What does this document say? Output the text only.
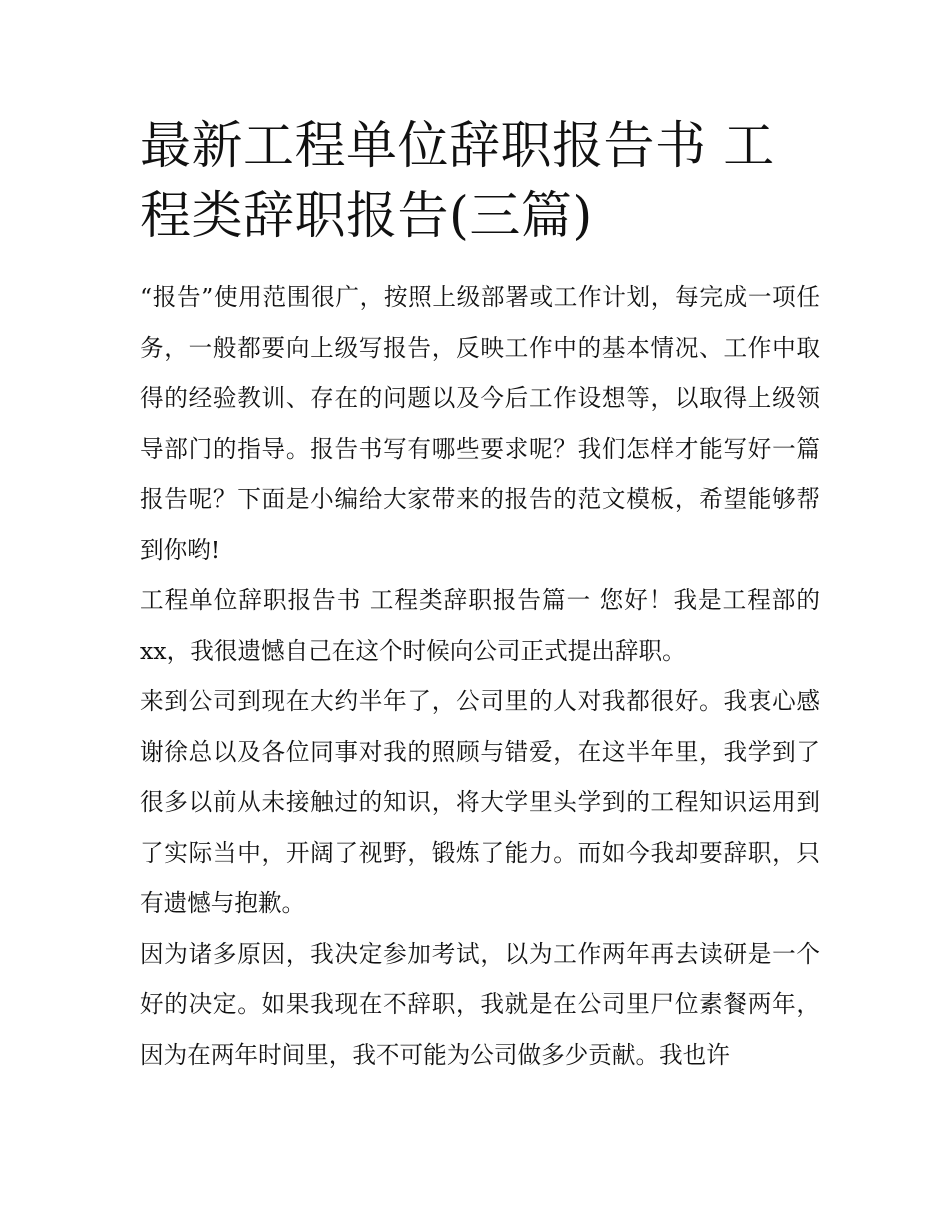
最新工程单位辞职报告书 工程类辞职报告(三篇)

“报告”使用范围很广，按照上级部署或工作计划，每完成一项任务，一般都要向上级写报告，反映工作中的基本情况、工作中取得的经验教训、存在的问题以及今后工作设想等，以取得上级领导部门的指导。报告书写有哪些要求呢？我们怎样才能写好一篇报告呢？下面是小编给大家带来的报告的范文模板，希望能够帮到你哟!

工程单位辞职报告书 工程类辞职报告篇一 您好！我是工程部的xx，我很遗憾自己在这个时候向公司正式提出辞职。

来到公司到现在大约半年了，公司里的人对我都很好。我衷心感谢徐总以及各位同事对我的照顾与错爱，在这半年里，我学到了很多以前从未接触过的知识，将大学里头学到的工程知识运用到了实际当中，开阔了视野，锻炼了能力。而如今我却要辞职，只有遗憾与抱歉。

因为诸多原因，我决定参加考试，以为工作两年再去读研是一个好的决定。如果我现在不辞职，我就是在公司里尸位素餐两年，因为在两年时间里，我不可能为公司做多少贡献。我也许
